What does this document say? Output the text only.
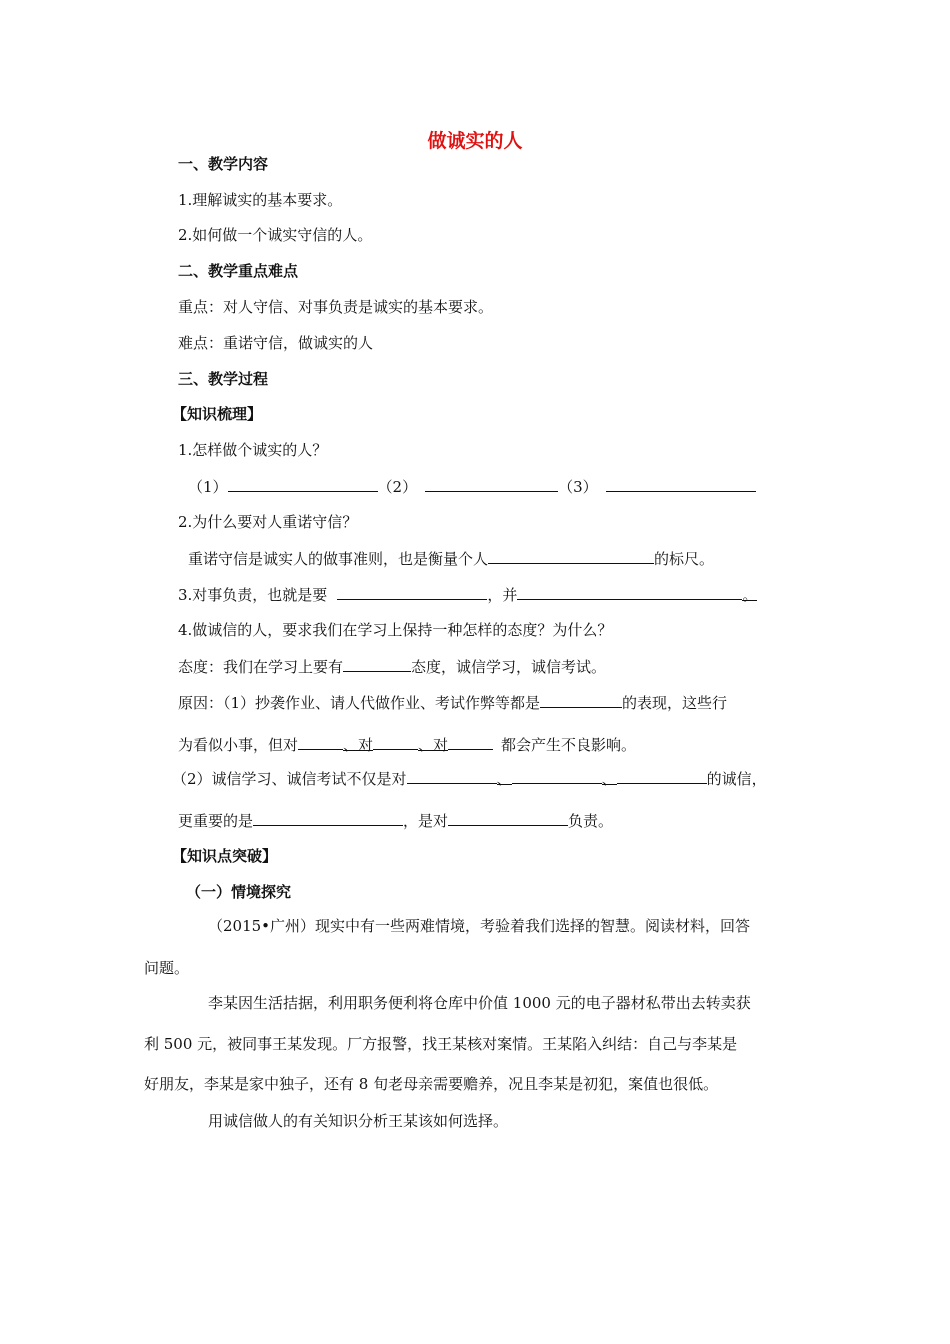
做诚实的人
一、教学内容
1.理解诚实的基本要求。
2.如何做一个诚实守信的人。
二、教学重点难点
重点：对人守信、对事负责是诚实的基本要求。
难点：重诺守信，做诚实的人
三、教学过程
【知识梳理】
1.怎样做个诚实的人？
（1）	（2）	（3）
2.为什么要对人重诺守信？
重诺守信是诚实人的做事准则，也是衡量个人	的标尺。
3.对事负责，也就是要	，并	。
4.做诚信的人，要求我们在学习上保持一种怎样的态度？为什么？
态度：我们在学习上要有	态度，诚信学习，诚信考试。
原因：（1）抄袭作业、请人代做作业、考试作弊等都是	的表现，这些行
为看似小事，但对	、对	、对	都会产生不良影响。
（2）诚信学习、诚信考试不仅是对	、	、	的诚信，
更重要的是	，是对	负责。
【知识点突破】
（一）情境探究
（2015•广州）现实中有一些两难情境，考验着我们选择的智慧。阅读材料，回答
问题。
李某因生活拮据，利用职务便利将仓库中价值 1000 元的电子器材私带出去转卖获
利 500 元，被同事王某发现。厂方报警，找王某核对案情。王某陷入纠结：自己与李某是
好朋友，李某是家中独子，还有 8 旬老母亲需要赡养，况且李某是初犯，案值也很低。
用诚信做人的有关知识分析王某该如何选择。
